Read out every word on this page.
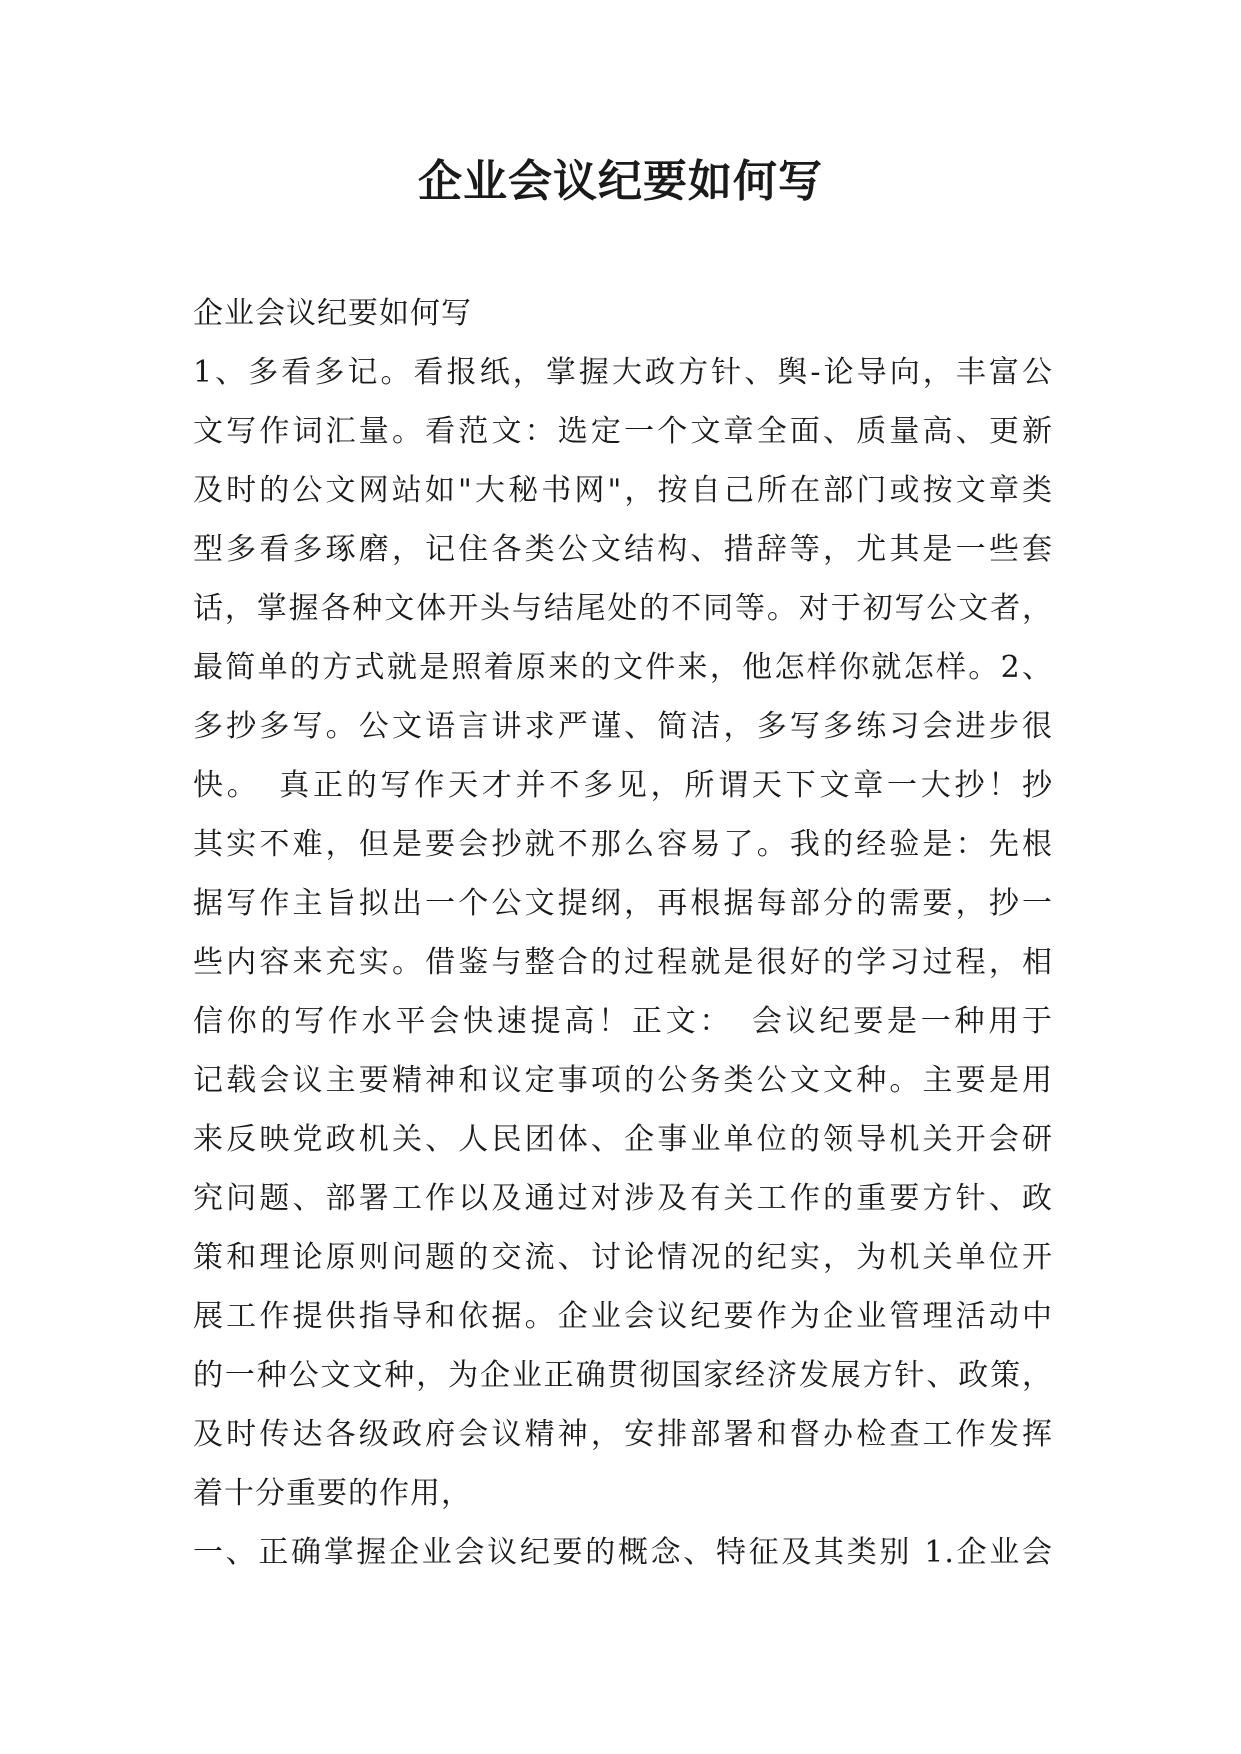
企业会议纪要如何写
企业会议纪要如何写
1、多看多记。看报纸，掌握大政方针、舆-论导向，丰富公
文写作词汇量。看范文：选定一个文章全面、质量高、更新
及时的公文网站如"大秘书网"，按自己所在部门或按文章类
型多看多琢磨，记住各类公文结构、措辞等，尤其是一些套
话，掌握各种文体开头与结尾处的不同等。对于初写公文者，
最简单的方式就是照着原来的文件来，他怎样你就怎样。2、
多抄多写。公文语言讲求严谨、简洁，多写多练习会进步很
快。　真正的写作天才并不多见，所谓天下文章一大抄！抄
其实不难，但是要会抄就不那么容易了。我的经验是：先根
据写作主旨拟出一个公文提纲，再根据每部分的需要，抄一
些内容来充实。借鉴与整合的过程就是很好的学习过程，相
信你的写作水平会快速提高！正文：　会议纪要是一种用于
记载会议主要精神和议定事项的公务类公文文种。主要是用
来反映党政机关、人民团体、企事业单位的领导机关开会研
究问题、部署工作以及通过对涉及有关工作的重要方针、政
策和理论原则问题的交流、讨论情况的纪实，为机关单位开
展工作提供指导和依据。企业会议纪要作为企业管理活动中
的一种公文文种，为企业正确贯彻国家经济发展方针、政策，
及时传达各级政府会议精神，安排部署和督办检查工作发挥
着十分重要的作用，
一、正确掌握企业会议纪要的概念、特征及其类别 1.企业会
